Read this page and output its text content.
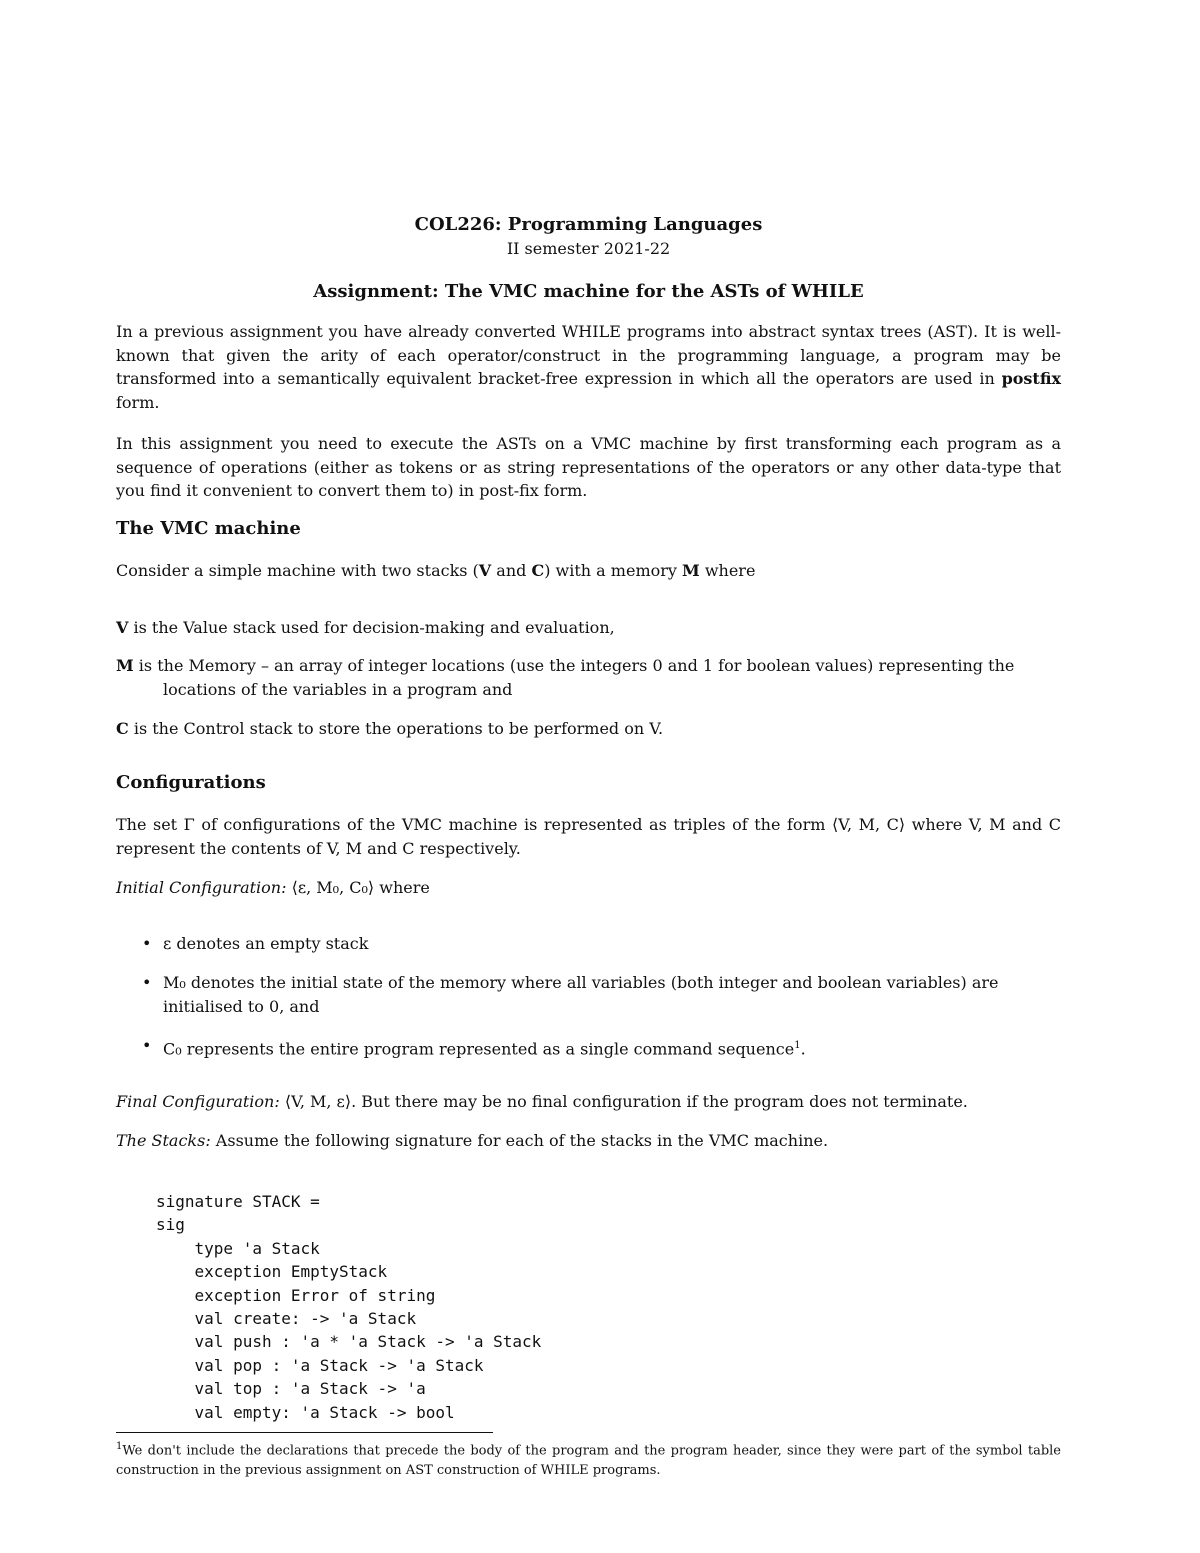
COL226: Programming Languages
II semester 2021-22
Assignment: The VMC machine for the ASTs of WHILE
In a previous assignment you have already converted WHILE programs into abstract syntax trees (AST). It is well-known that given the arity of each operator/construct in the programming language, a program may be transformed into a semantically equivalent bracket-free expression in which all the operators are used in postfix form.
In this assignment you need to execute the ASTs on a VMC machine by first transforming each program as a sequence of operations (either as tokens or as string representations of the operators or any other data-type that you find it convenient to convert them to) in post-fix form.
The VMC machine
Consider a simple machine with two stacks (V and C) with a memory M where
V is the Value stack used for decision-making and evaluation,
M is the Memory – an array of integer locations (use the integers 0 and 1 for boolean values) representing the locations of the variables in a program and
C is the Control stack to store the operations to be performed on V.
Configurations
The set Γ of configurations of the VMC machine is represented as triples of the form ⟨V, M, C⟩ where V, M and C represent the contents of V, M and C respectively.
Initial Configuration: ⟨ε, M₀, C₀⟩ where
• ε denotes an empty stack
• M₀ denotes the initial state of the memory where all variables (both integer and boolean variables) are initialised to 0, and
• C₀ represents the entire program represented as a single command sequence$^1$.
Final Configuration: ⟨V, M, ε⟩. But there may be no final configuration if the program does not terminate.
The Stacks: Assume the following signature for each of the stacks in the VMC machine.
signature STACK =
sig
type 'a Stack
exception EmptyStack
exception Error of string
val create: -> 'a Stack
val push : 'a * 'a Stack -> 'a Stack
val pop : 'a Stack -> 'a Stack
val top : 'a Stack -> 'a
val empty: 'a Stack -> bool
$^1$We don't include the declarations that precede the body of the program and the program header, since they were part of the symbol table construction in the previous assignment on AST construction of WHILE programs.
